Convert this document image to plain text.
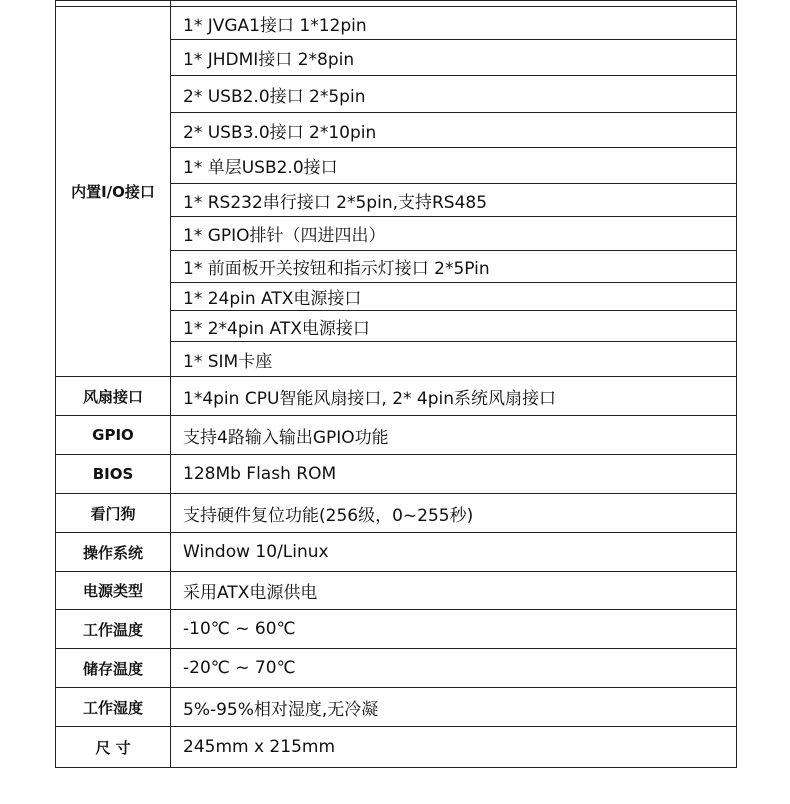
内置I/O接口	1* JVGA1接口 1*12pin
	1* JHDMI接口 2*8pin
	2* USB2.0接口 2*5pin
	2* USB3.0接口 2*10pin
	1* 单层USB2.0接口
	1* RS232串行接口 2*5pin,支持RS485
	1* GPIO排针（四进四出）
	1* 前面板开关按钮和指示灯接口 2*5Pin
	1* 24pin ATX电源接口
	1* 2*4pin ATX电源接口
	1* SIM卡座
风扇接口	1*4pin CPU智能风扇接口, 2* 4pin系统风扇接口
GPIO	支持4路输入输出GPIO功能
BIOS	128Mb Flash ROM
看门狗	支持硬件复位功能(256级，0~255秒)
操作系统	Window 10/Linux
电源类型	采用ATX电源供电
工作温度	-10℃ ~ 60℃
储存温度	-20℃ ~ 70℃
工作湿度	5%-95%相对湿度,无冷凝
尺 寸	245mm x 215mm
